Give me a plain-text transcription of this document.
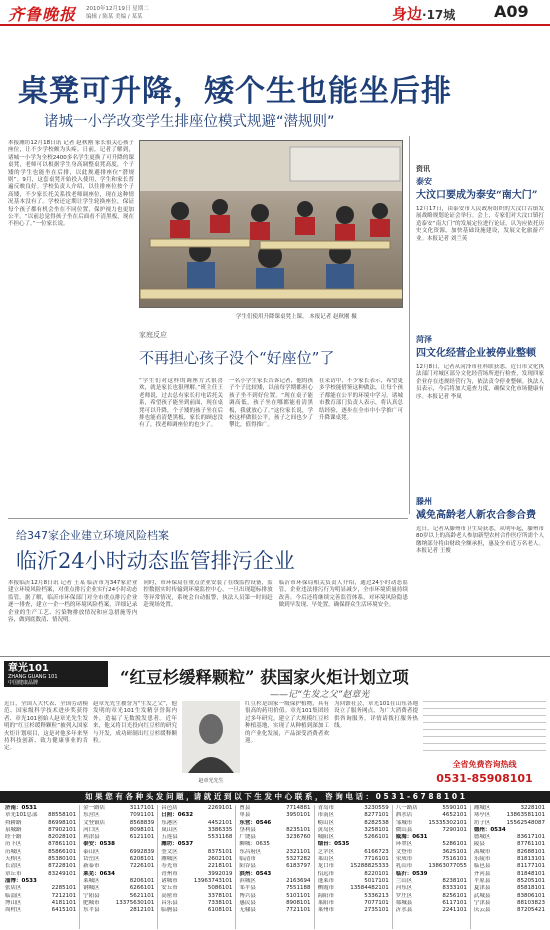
齐鲁晚报 2010年12月19日 星期二
编辑 / 陈某 美编 / 某某	身边·17城 A09
桌凳可升降，矮个生也能坐后排
诸城一小学改变学生排座位模式规避“潜规则”
本报潍坊12月18日讯 记者 赵秋刚 家长很关心孩子座位，让不少学校颇为头疼。日前，记者了解到，诸城一小学为全校2400多名学生更换了可升降的课桌凳，老师可以根据学生身高调整桌凳高度，个子矮的学生也能坐在后排，以此规避排座位“潜规则”。9月，这套桌凳开始投入使用，学生和家长普遍反映良好。学校负责人介绍，以往排座位按个子高矮，不少家长托关系找老师调座位，现在这种情况基本没有了。学校还定期让学生轮换座位，保证每个孩子都有机会坐在不同位置，保护视力也更加公平。“以前总觉得孩子坐在后面看不清黑板，现在不担心了。”一位家长说。
学生们使用升降课桌凳上课。 本报记者 赵秋刚 摄
资讯
泰安
大汶口要成为泰安“南大门”
12月17日，由泰安市人民政府组织的大汶口古镇发展战略规划论证会举行。会上，专家们对大汶口镇打造泰安“南大门”的发展定位进行论证，认为应依托历史文化资源，加快基础设施建设，发展文化旅游产业。本报记者 刘兰英
菏泽
四文化经营企业被停业整顿
12月8日，记者从菏泽市社科联获悉，近日市文化执法部门对城区部分文化经营场所进行检查，发现四家企业存在违规经营行为，依法责令停业整顿。执法人员表示，今后将加大巡查力度，确保文化市场健康有序。本报记者 李岚
滕州
减免高龄老人新农合参合费
近日，记者从滕州市卫生局获悉，从明年起，滕州市80岁以上的高龄老人参加新型农村合作医疗所需个人缴纳部分将由财政全额承担，惠及全市近万名老人。本报记者 王俊
家庭反应
不再担心孩子没个“好座位”了
“学生们对这样的调座方式很喜欢，就是家长也很理解。”班主任王老师说，过去总有家长打电话托关系，希望孩子能坐到前面，现在桌凳可以升降，个子矮的孩子坐在后排也能看清楚黑板，家长的顾虑没有了，找老师调座位的也少了。
一名小学生家长告诉记者，他的孩子个子比较矮，以前每学期都担心孩子坐不到好位置。“现在桌子能调高低，孩子坐在哪都能看清黑板，我就放心了。”这位家长说，学校这样做很公平，孩子之间也少了攀比，值得推广。
在采访中，不少家长表示，希望更多学校能借鉴这种做法，让每个孩子都能在公平的环境中学习。诸城市教育部门负责人表示，将认真总结经验，逐步在全市中小学推广可升降课桌凳。
给347家企业建立环境风险档案
临沂24小时动态监管排污企业
本报临沂12月8日讯 记者 王某 临沂市为347家企业建立环境风险档案，对重点排污企业实行24小时动态监管。据了解，临沂市环保部门对全市重点排污企业逐一排查，建立一企一档的环境风险档案，详细记录企业的生产工艺、污染物排放情况和应急措施等内容，做到底数清、情况明。
同时，市环保局在重点企业安装了在线监控设备，监控数据实时传输到环境监控中心，一旦出现超标排放等异常情况，系统会自动报警，执法人员第一时间赶赴现场处置。
临沂市环保局相关负责人介绍，通过24小时动态监管，企业违法排污行为明显减少，全市环境质量持续改善。今后还将继续完善监管体系，对环境风险隐患做到早发现、早处置，确保群众生活环境安全。
章光101
ZHANG GUANG 101
中国健康品牌	“红豆杉缓释颗粒” 获国家火炬计划立项
——记“生发之父”赵章光
近日，全国人大代表、全国劳动模范、国家级科学技术进步奖获得者、章光101创始人赵章光先生发明的“红豆杉缓释颗粒”被列入国家火炬计划项目，这是对他多年来坚持科技创新、致力健康事业的肯定。
赵章光先生被誉为“生发之父”，他发明的章光101生发精享誉海内外，造福了无数脱发患者。近年来，他又将目光投向红豆杉的研究与开发，成功研制出红豆杉缓释颗粒。
赵章光先生
红豆杉是国家一级保护植物，具有很高的药用价值。章光101集团经过多年研究，建立了大规模红豆杉种植基地，实现了从种植到深加工的产业化发展，产品深受消费者欢迎。
为回馈社会，章光101在山东各地设立了服务网点，为广大消费者提供咨询服务。详情请拨打服务热线。
全省免费咨询热线
0531-85908101
如 果 您 有 各 种 头 发 问 题 ，请 就 近 到 以 下 生 发 中 心 联 系 ， 咨 询 电 话 ： 0 5 3 1 - 6 7 8 8 1 0 1
济南：0531
章光101总部 88558101
舜耕路	86998101
泉城路	87902101
经十路	82028101
历下区	87861101
历城区	85866101
天桥区	85380101
长清区	87228101
章丘市	83249101
淄博：0533
张店区	2285101
临淄区	7212101
博山区	4181101
周村区	6415101
金一路店	3117101
东营区	7091101
文登镇店	8568839
河口区	8098101
利津县	6121101
泰安：0538
泰山区	6992839
岱岳区	6208101
新泰市	7226101
莱芜：0634
莱城区	8206101
钢城区	6266101
宁阳县	5621101
肥城市	13375630101
东平县	2812101
昌邑店	2269101
日照：0632
东港区	4452101
岚山区	3386335
五莲县	5531168
潍坊：0537
奎文区	8375101
潍城区	2602101
寿光市	2218101
青州市	3992019
诸城市	13963743101
安丘市	5086101
高密市	3378101
昌乐县	7338101
临朐县	6108101
曹县	7714881
单县	3950101
东营：0546
垦利县	8235101
广饶县	3236760
聊城：0635
东昌府区	2321101
临清市	5327282
阳谷县	6183797
滨州：0543
滨城区	2163694
邹平县	7551188
博兴县	5101101
惠民县	8908101
无棣县	7721101
青岛市	3230559
市南区	8277101
崂山区	8282538
黄岛区	3258101
城阳区	5266101
烟台：0535
芝罘区	6166723
莱山区	7716101
龙口市	15288825333
招远市	8220101
蓬莱市	5017101
栖霞市	13584482101
海阳市	5336213
莱阳市	7077101
莱州市	2735101
八一路店	5590101
泗水店	4652101
邹城市	15335302101
微山县	7290101
威海：0631
环翠区	5286101
文登市	3625101
荣成市	7516101
乳山市	13863077055
临沂：0539
兰山区	8238101
河东区	8333101
罗庄区	8256101
郯城县	6117101
沂水县	2241101
潍城区	3228101
寒亭区	13863581101
坊子区	15562548087
德州：0534
德城区	83617101
陵县	87761101
禹城市	82688101
乐陵市	81813101
临邑县	81177101
齐河县	81848101
平原县	85205101
夏津县	85818101
武城县	83806101
宁津县	88103823
庆云县	87205421
